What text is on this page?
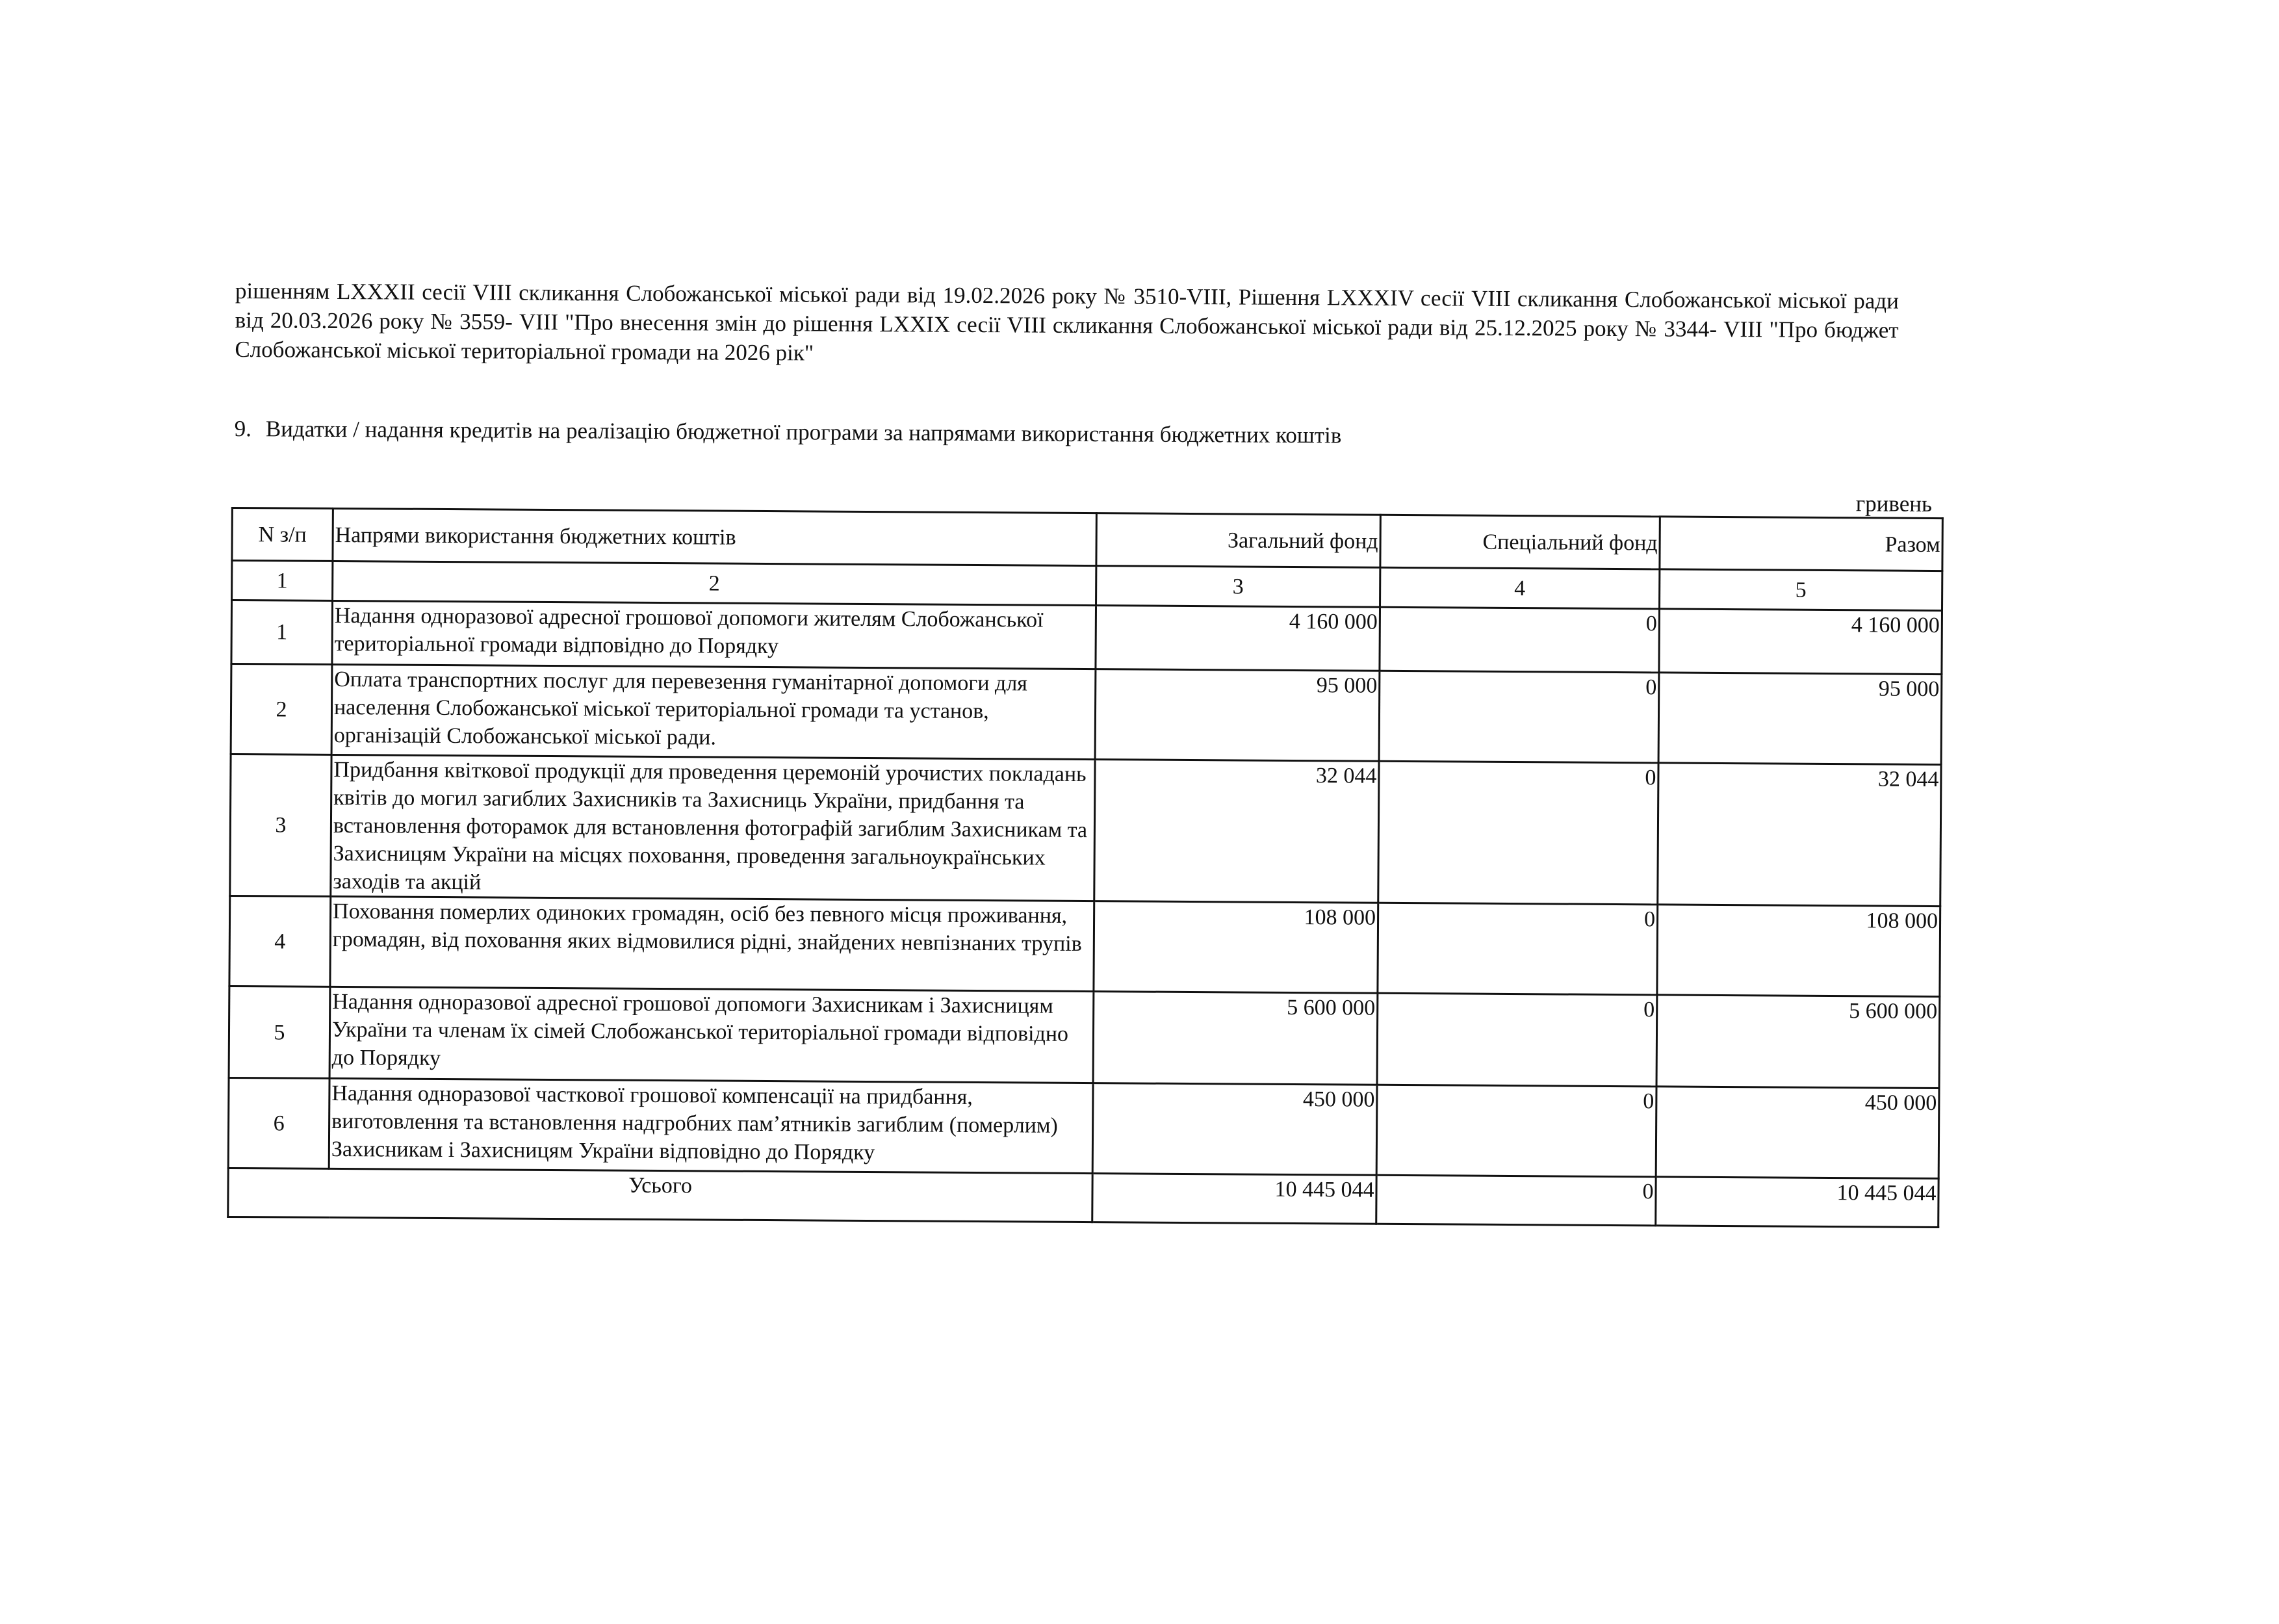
рішенням LXXXII сесії VIII скликання Слобожанської міської ради від 19.02.2026 року № 3510-VIII, Рішення LXXXIV сесії VIII скликання Слобожанської міської ради від 20.03.2026 року № 3559- VIII "Про внесення змін до рішення LXXIX сесії VIII скликання Слобожанської міської ради від 25.12.2025 року № 3344- VIII "Про бюджет Слобожанської міської територіальної громади на 2026 рік"
9. Видатки / надання кредитів на реалізацію бюджетної програми за напрямами використання бюджетних коштів
гривень
N з/п	Напрями використання бюджетних коштів	Загальний фонд	Спеціальний фонд	Разом
1	2	3	4	5
1	Надання одноразової адресної грошової допомоги жителям Слобожанської територіальної громади відповідно до Порядку	4 160 000	0	4 160 000
2	Оплата транспортних послуг для перевезення гуманітарної допомоги для населення Слобожанської міської територіальної громади та установ, організацій Слобожанської міської ради.	95 000	0	95 000
3	Придбання квіткової продукції для проведення церемоній урочистих покладань квітів до могил загиблих Захисників та Захисниць України, придбання та встановлення фоторамок для встановлення фотографій загиблим Захисникам та Захисницям України на місцях поховання, проведення загальноукраїнських заходів та акцій	32 044	0	32 044
4	Поховання померлих одиноких громадян, осіб без певного місця проживання, громадян, від поховання яких відмовилися рідні, знайдених невпізнаних трупів	108 000	0	108 000
5	Надання одноразової адресної грошової допомоги Захисникам і Захисницям України та членам їх сімей Слобожанської територіальної громади відповідно до Порядку	5 600 000	0	5 600 000
6	Надання одноразової часткової грошової компенсації на придбання, виготовлення та встановлення надгробних пам’ятників загиблим (померлим) Захисникам і Захисницям України відповідно до Порядку	450 000	0	450 000
Усього		10 445 044	0	10 445 044
